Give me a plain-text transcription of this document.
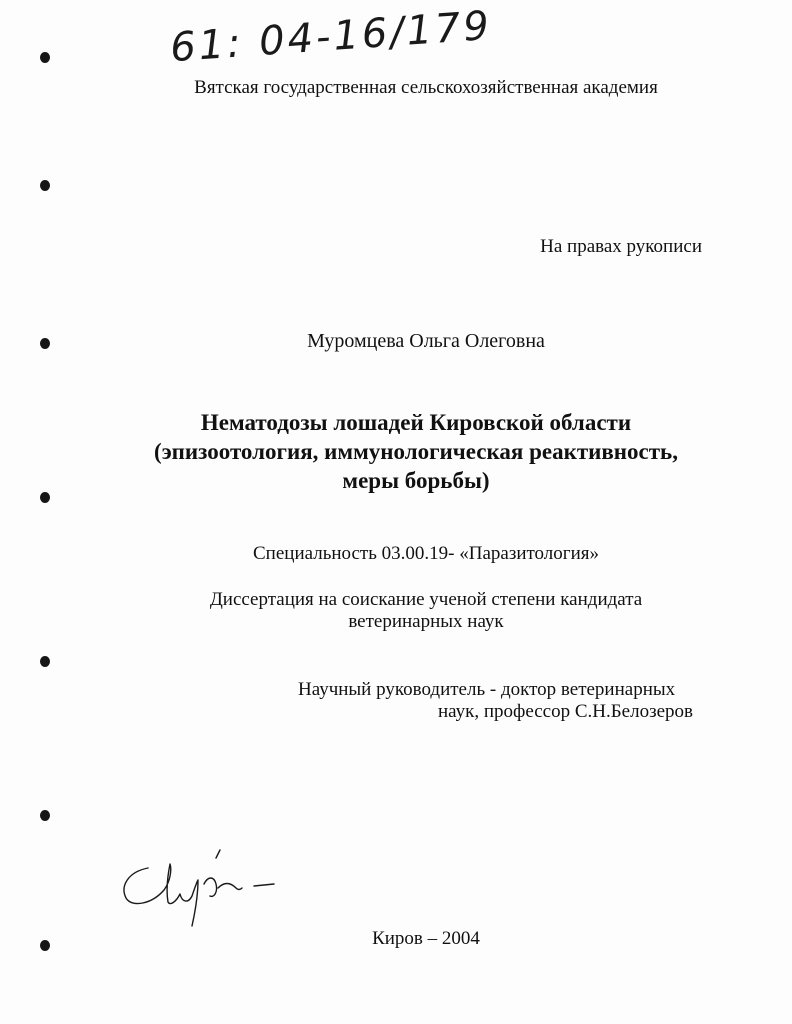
61: 04-16/179
Вятская государственная сельскохозяйственная академия
На правах рукописи
Муромцева Ольга Олеговна
Нематодозы лошадей Кировской области
(эпизоотология, иммунологическая реактивность,
меры борьбы)
Специальность 03.00.19- «Паразитология»
Диссертация на соискание ученой степени кандидата
ветеринарных наук
Научный руководитель - доктор ветеринарных
наук, профессор С.Н.Белозеров
Киров – 2004
